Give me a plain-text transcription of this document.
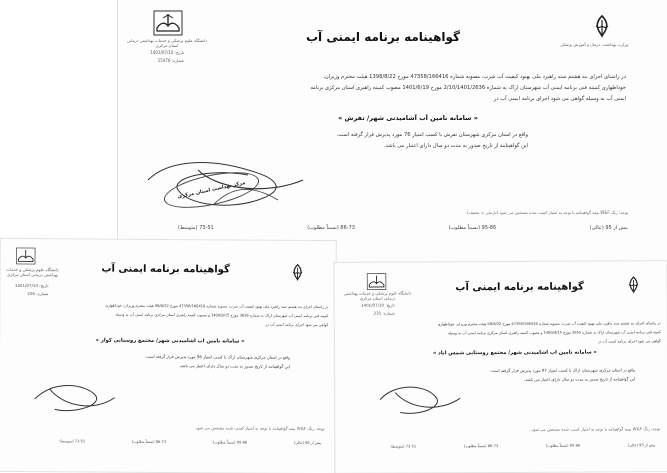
وزارت بهداشت، درمان و آموزش پزشکی
دانشگاه علوم پزشکی و خدمات بهداشتی درمانی استان مرکزی
تاریخ: 1401/07/10
شماره: 15476
گواهینامه برنامه ایمنی آب

در راستای اجرای بند هشتم سند راهبرد ملی بهبود کیفیت آب شرب، مصوبه شماره 47358/166416 مورخ 1398/8/22 هیئت محترم وزیران،

خوداظهاری کمیته فنی برنامه ایمنی آب شهرستان اراک به شماره 2/10/1401/2636 مورخ 1401/6/19 مصوب کمیته راهبری استان مرکزی برنامه

ایمنی آب به وسیله گواهی می شود اجرای برنامه ایمنی آب در

« سامانه تامین آب آشامیدنی شهر/ تفرش »

واقع در استان مرکزی شهرستان تفرش با کسب امتیاز 76 مورد پذیرش قرار گرفته است.

این گواهینامه از تاریخ صدور به مدت دو سال دارای اعتبار می باشد.

مرکز بهداشت استان مرکزی
توجه: رنگ W&F بیمه گواهینامه با توجه به امتیاز کسب شده مشخص می شود (نارنجی = ضعیف).
بیش از 95 (عالی)
95-86 (نسبتاً مطلوب)
86-73 (نسبتاً مطلوب)
73-51 (متوسط)
دانشگاه علوم پزشکی و خدمات بهداشتی درمانی استان مرکزی
تاریخ: 1401/07/10
شماره: 226
گواهینامه برنامه ایمنی آب

در راستای اجرای بند هشتم سند راهبرد ملی بهبود کیفیت آب شرب، مصوبه شماره 47358/166416 مورخ 98/8/22 هیئت محترم وزیران، خوداظهاری

کمیته فنی برنامه ایمنی آب شهرستان اراک به شماره 3636 مورخ 1400/9/15 و مصوب کمیته راهبری استان مرکزی برنامه ایمنی آب به وسیله

گواهی می شود اجرای برنامه ایمنی آب در

« سامانه تامین آب آشامیدنی شهر/ مجتمع روستایی کوار »

واقع در استان مرکزی شهرستان اراک با کسب امتیاز 96 مورد پذیرش قرار گرفته است.

این گواهینامه از تاریخ صدور به مدت دو سال دارای اعتبار می باشد.

توجه: رنگ W&F بیمه گواهینامه با توجه به امتیاز کسب شده مشخص می شود.
بیش از 95 (عالی)
95-86 (نسبتاً مطلوب)
86-73 (نسبتاً مطلوب)
73-51 (متوسط)
دانشگاه علوم پزشکی و خدمات بهداشتی درمانی استان مرکزی
تاریخ: 1401/07/10
شماره: 235
گواهینامه برنامه ایمنی آب

در راستای اجرای بند هشتم سند راهبرد ملی بهبود کیفیت آب شرب، مصوبه شماره 47358/166416 مورخ 98/8/22 هیئت محترم وزیران، خوداظهاری

کمیته فنی برنامه ایمنی آب شهرستان اراک به شماره 3655 مورخ 1400/9/15 و مصوب کمیته راهبری استان مرکزی برنامه ایمنی آب به وسیله

گواهی می شود اجرای برنامه ایمنی آب در

« سامانه تامین آب آشامیدنی شهر/ مجتمع روستایی شمس آباد »

واقع در استان مرکزی شهرستان اراک با کسب امتیاز 97 مورد پذیرش قرار گرفته است.

این گواهینامه از تاریخ صدور به مدت دو سال دارای اعتبار می باشد.

توجه: رنگ W&F بیمه گواهینامه با توجه به امتیاز کسب شده مشخص می شود.
بیش از 95 (عالی)
95-86 (نسبتاً مطلوب)
86-73 (نسبتاً مطلوب)
73-51 (متوسط)
